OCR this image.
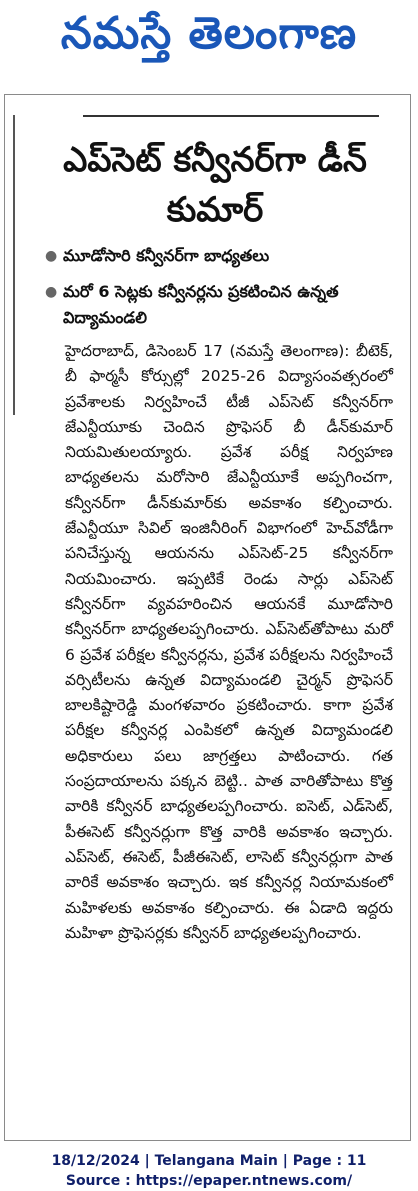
నమస్తే తెలంగాణ
ఎప్‌సెట్ కన్వీనర్‌గా డీన్ కుమార్
● మూడోసారి కన్వీనర్‌గా బాధ్యతలు
● మరో 6 సెట్లకు కన్వీనర్లను ప్రకటించిన ఉన్నత విద్యామండలి
హైదరాబాద్, డిసెంబర్ 17 (నమస్తే తెలంగాణ): బీటెక్, బీ ఫార్మసీ కోర్సుల్లో 2025-26 విద్యాసంవత్సరంలో ప్రవేశాలకు నిర్వహించే టీజీ ఎప్‌సెట్ కన్వీనర్‌గా జేఎన్టీయూకు చెందిన ప్రొఫెసర్ బీ డీన్‌కుమార్ నియమితులయ్యారు. ప్రవేశ పరీక్ష నిర్వహణ బాధ్యతలను మరోసారి జేఎన్టీయూకే అప్పగించగా, కన్వీనర్‌గా డీన్‌కుమార్‌కు అవకాశం కల్పించారు. జేఎన్టీయూ సివిల్ ఇంజినీరింగ్ విభాగంలో హెచ్‌వోడీగా పనిచేస్తున్న ఆయనను ఎప్‌సెట్-25 కన్వీనర్‌గా నియమించారు. ఇప్పటికే రెండు సార్లు ఎప్‌సెట్ కన్వీనర్‌గా వ్యవహరించిన ఆయనకే మూడోసారి కన్వీనర్‌గా బాధ్యతలప్పగించారు. ఎప్‌సెట్‌తోపాటు మరో 6 ప్రవేశ పరీక్షల కన్వీనర్లను, ప్రవేశ పరీక్షలను నిర్వహించే వర్సిటీలను ఉన్నత విద్యామండలి చైర్మన్ ప్రొఫెసర్ బాలకిష్టారెడ్డి మంగళవారం ప్రకటించారు. కాగా ప్రవేశ పరీక్షల కన్వీనర్ల ఎంపికలో ఉన్నత విద్యామండలి అధికారులు పలు జాగ్రత్తలు పాటించారు. గత సంప్రదాయాలను పక్కన బెట్టి.. పాత వారితోపాటు కొత్త వారికి కన్వీనర్ బాధ్యతలప్పగించారు. ఐసెట్, ఎడ్‌సెట్, పీఈసెట్ కన్వీనర్లుగా కొత్త వారికి అవకాశం ఇచ్చారు. ఎప్‌సెట్, ఈసెట్, పీజీఈసెట్, లాసెట్ కన్వీనర్లుగా పాత వారికే అవకాశం ఇచ్చారు. ఇక కన్వీనర్ల నియామకంలో మహిళలకు అవకాశం కల్పించారు. ఈ ఏడాది ఇద్దరు మహిళా ప్రొఫెసర్లకు కన్వీనర్ బాధ్యతలప్పగించారు.
18/12/2024 | Telangana Main | Page : 11
Source : https://epaper.ntnews.com/
